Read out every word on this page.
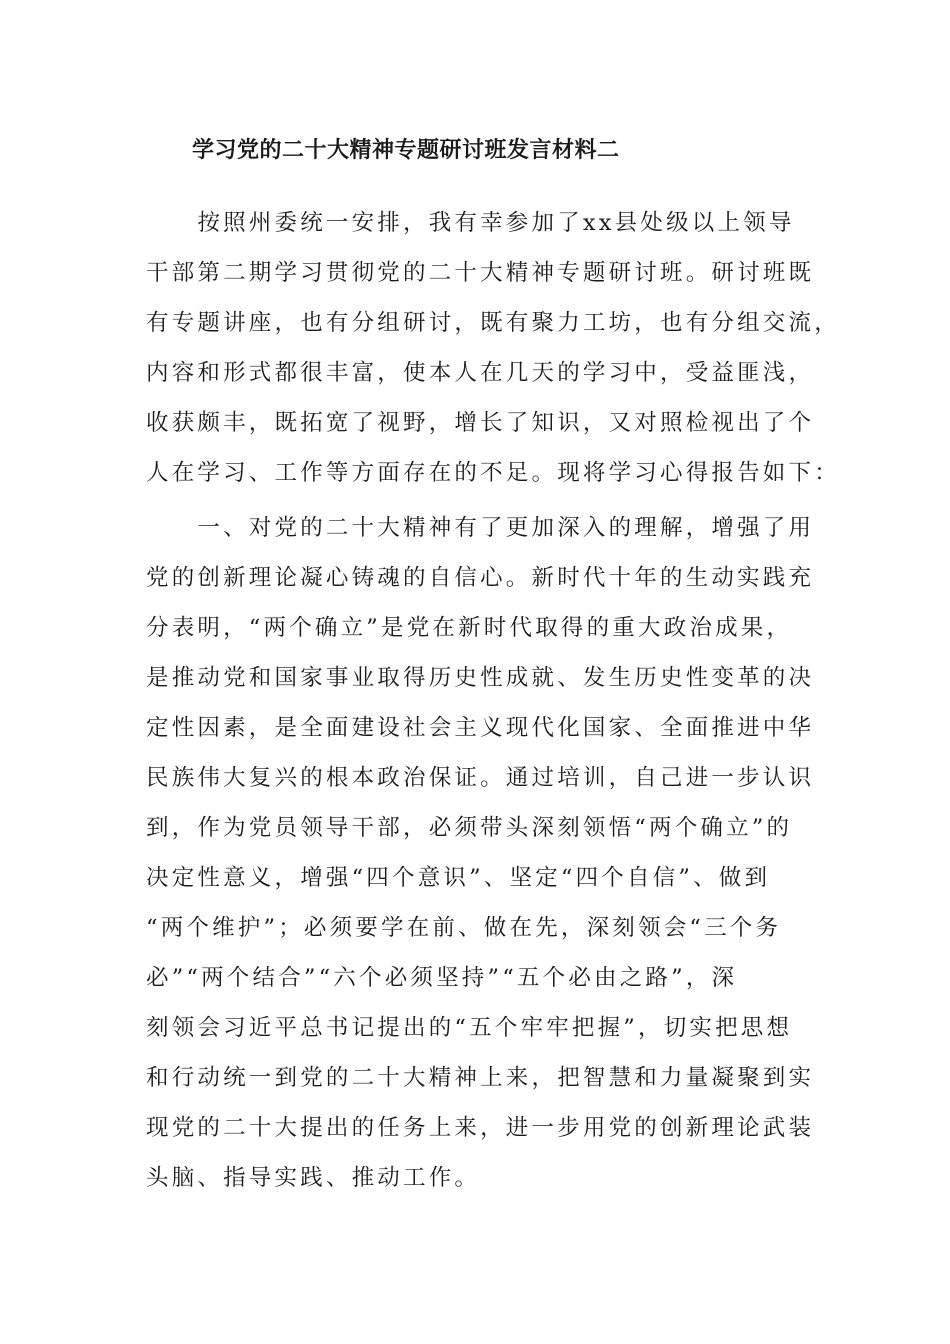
学习党的二十大精神专题研讨班发言材料二
　　按照州委统一安排，我有幸参加了xx县处级以上领导
干部第二期学习贯彻党的二十大精神专题研讨班。研讨班既
有专题讲座，也有分组研讨，既有聚力工坊，也有分组交流，
内容和形式都很丰富，使本人在几天的学习中，受益匪浅，
收获颇丰，既拓宽了视野，增长了知识，又对照检视出了个
人在学习、工作等方面存在的不足。现将学习心得报告如下：
　　一、对党的二十大精神有了更加深入的理解，增强了用
党的创新理论凝心铸魂的自信心。新时代十年的生动实践充
分表明，“两个确立”是党在新时代取得的重大政治成果，
是推动党和国家事业取得历史性成就、发生历史性变革的决
定性因素，是全面建设社会主义现代化国家、全面推进中华
民族伟大复兴的根本政治保证。通过培训，自己进一步认识
到，作为党员领导干部，必须带头深刻领悟“两个确立”的
决定性意义，增强“四个意识”、坚定“四个自信”、做到
“两个维护”；必须要学在前、做在先，深刻领会“三个务
必”“两个结合”“六个必须坚持”“五个必由之路”，深
刻领会习近平总书记提出的“五个牢牢把握”，切实把思想
和行动统一到党的二十大精神上来，把智慧和力量凝聚到实
现党的二十大提出的任务上来，进一步用党的创新理论武装
头脑、指导实践、推动工作。
